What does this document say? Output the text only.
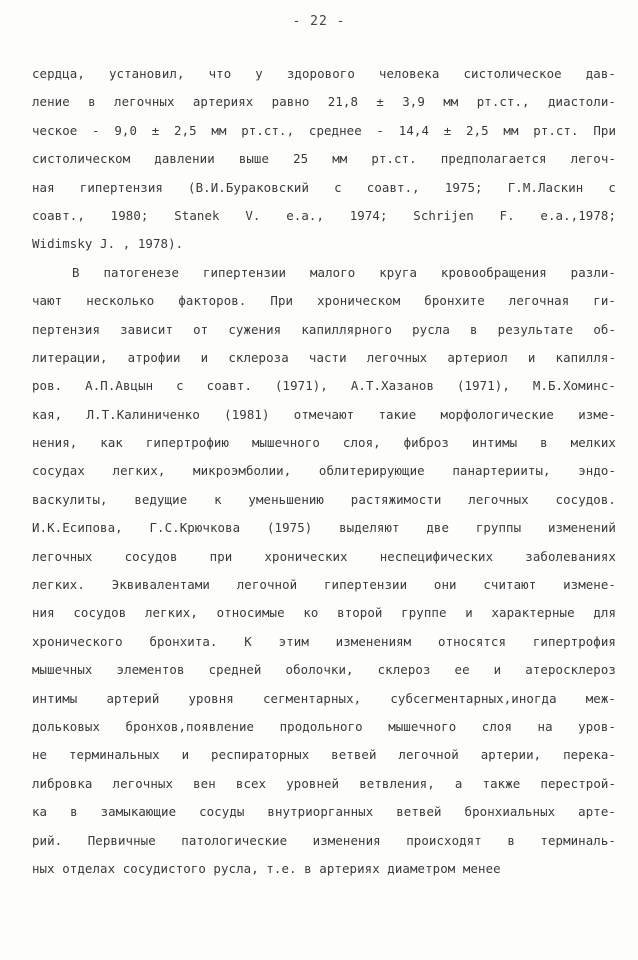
- 22 -
сердца, установил, что у здорового человека систолическое дав-
ление в легочных артериях равно 21,8 ± 3,9 мм рт.ст., диастоли-
ческое - 9,0 ± 2,5 мм рт.ст., среднее - 14,4 ± 2,5 мм рт.ст. При
систолическом давлении выше 25 мм рт.ст. предполагается легоч-
ная гипертензия (В.И.Бураковский с соавт., 1975; Г.М.Ласкин с
соавт., 1980; Stanek V. e.a., 1974; Schrijen F. e.a.,1978;
Widimsky J. , 1978).
В патогенезе гипертензии малого круга кровообращения разли-
чают несколько факторов. При хроническом бронхите легочная ги-
пертензия зависит от сужения капиллярного русла в результате об-
литерации, атрофии и склероза части легочных артериол и капилля-
ров. А.П.Авцын с соавт. (1971), А.Т.Хазанов (1971), М.Б.Хоминс-
кая, Л.Т.Калиниченко (1981) отмечают такие морфологические изме-
нения, как гипертрофию мышечного слоя, фиброз интимы в мелких
сосудах легких, микроэмболии, облитерирующие панартерииты, эндо-
васкулиты, ведущие к уменьшению растяжимости легочных сосудов.
И.К.Есипова, Г.С.Крючкова (1975) выделяют две группы изменений
легочных сосудов при хронических неспецифических заболеваниях
легких. Эквивалентами легочной гипертензии они считают измене-
ния сосудов легких, относимые ко второй группе и характерные для
хронического бронхита. К этим изменениям относятся гипертрофия
мышечных элементов средней оболочки, склероз ее и атеросклероз
интимы артерий уровня сегментарных, субсегментарных,иногда меж-
дольковых бронхов,появление продольного мышечного слоя на уров-
не терминальных и респираторных ветвей легочной артерии, перека-
либровка легочных вен всех уровней ветвления, а также перестрой-
ка в замыкающие сосуды внутриорганных ветвей бронхиальных арте-
рий. Первичные патологические изменения происходят в терминаль-
ных отделах сосудистого русла, т.е. в артериях диаметром менее
